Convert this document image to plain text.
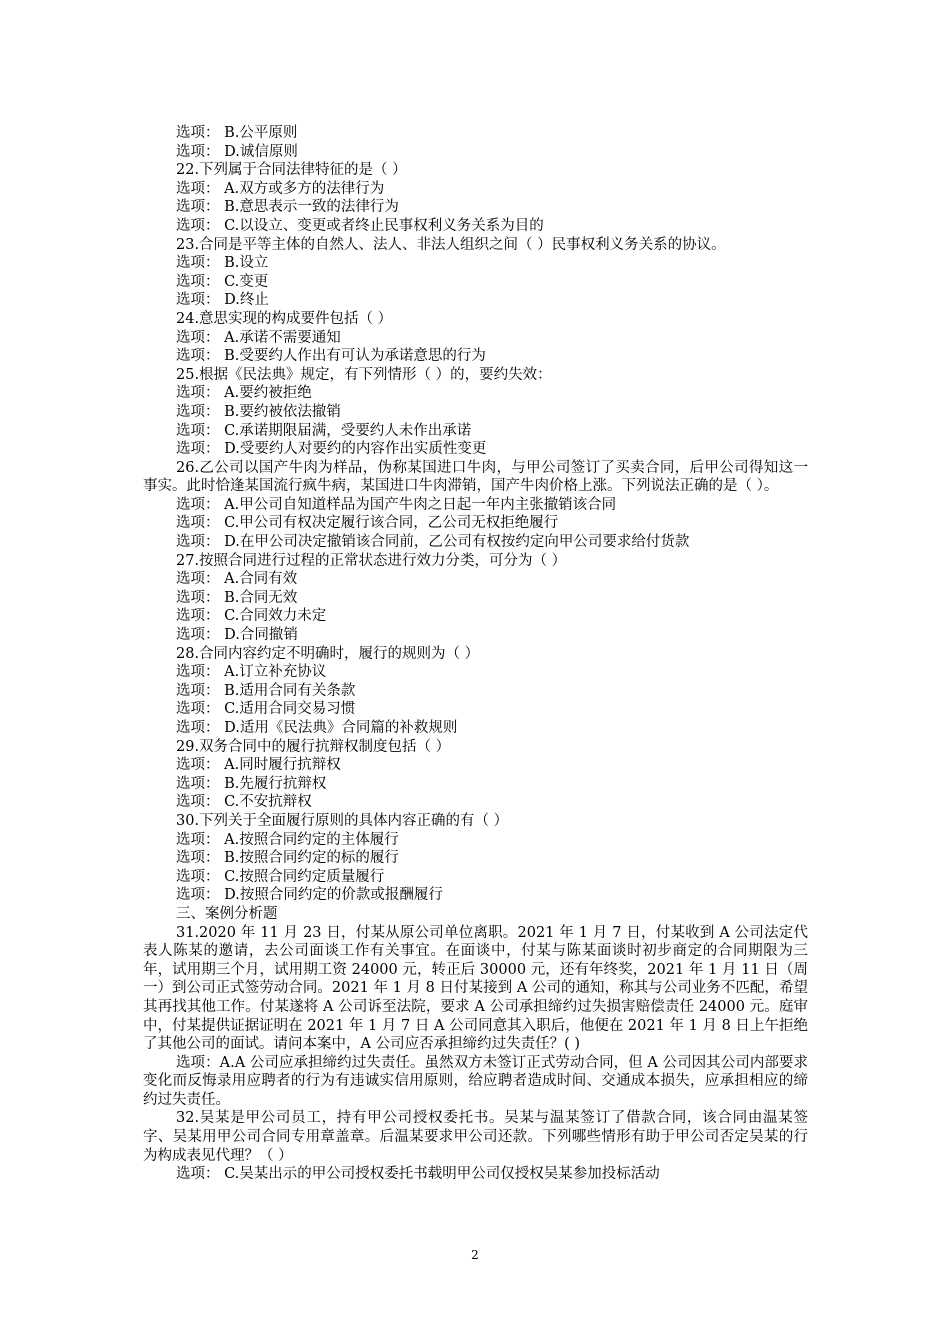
选项： B.公平原则
选项： D.诚信原则
22.下列属于合同法律特征的是（ ）
选项： A.双方或多方的法律行为
选项： B.意思表示一致的法律行为
选项： C.以设立、变更或者终止民事权利义务关系为目的
23.合同是平等主体的自然人、法人、非法人组织之间（ ）民事权利义务关系的协议。
选项： B.设立
选项： C.变更
选项： D.终止
24.意思实现的构成要件包括（ ）
选项： A.承诺不需要通知
选项： B.受要约人作出有可认为承诺意思的行为
25.根据《民法典》规定，有下列情形（ ）的，要约失效：
选项： A.要约被拒绝
选项： B.要约被依法撤销
选项： C.承诺期限届满，受要约人未作出承诺
选项： D.受要约人对要约的内容作出实质性变更
26.乙公司以国产牛肉为样品，伪称某国进口牛肉，与甲公司签订了买卖合同，后甲公司得知这一事实。此时恰逢某国流行疯牛病，某国进口牛肉滞销，国产牛肉价格上涨。下列说法正确的是（ ）。
选项： A.甲公司自知道样品为国产牛肉之日起一年内主张撤销该合同
选项： C.甲公司有权决定履行该合同，乙公司无权拒绝履行
选项： D.在甲公司决定撤销该合同前，乙公司有权按约定向甲公司要求给付货款
27.按照合同进行过程的正常状态进行效力分类，可分为（ ）
选项： A.合同有效
选项： B.合同无效
选项： C.合同效力未定
选项： D.合同撤销
28.合同内容约定不明确时，履行的规则为（ ）
选项： A.订立补充协议
选项： B.适用合同有关条款
选项： C.适用合同交易习惯
选项： D.适用《民法典》合同篇的补救规则
29.双务合同中的履行抗辩权制度包括（ ）
选项： A.同时履行抗辩权
选项： B.先履行抗辩权
选项： C.不安抗辩权
30.下列关于全面履行原则的具体内容正确的有（ ）
选项： A.按照合同约定的主体履行
选项： B.按照合同约定的标的履行
选项： C.按照合同约定质量履行
选项： D.按照合同约定的价款或报酬履行
三、案例分析题
31.2020 年 11 月 23 日，付某从原公司单位离职。2021 年 1 月 7 日，付某收到 A 公司法定代表人陈某的邀请，去公司面谈工作有关事宜。在面谈中，付某与陈某面谈时初步商定的合同期限为三年，试用期三个月，试用期工资 24000 元，转正后 30000 元，还有年终奖，2021 年 1 月 11 日（周一）到公司正式签劳动合同。2021 年 1 月 8 日付某接到 A 公司的通知，称其与公司业务不匹配，希望其再找其他工作。付某遂将 A 公司诉至法院，要求 A 公司承担缔约过失损害赔偿责任 24000 元。庭审中，付某提供证据证明在 2021 年 1 月 7 日 A 公司同意其入职后，他便在 2021 年 1 月 8 日上午拒绝了其他公司的面试。请问本案中，A 公司应否承担缔约过失责任？( )
选项：A.A 公司应承担缔约过失责任。虽然双方未签订正式劳动合同，但 A 公司因其公司内部要求变化而反悔录用应聘者的行为有违诚实信用原则，给应聘者造成时间、交通成本损失，应承担相应的缔约过失责任。
32.吴某是甲公司员工，持有甲公司授权委托书。吴某与温某签订了借款合同，该合同由温某签字、吴某用甲公司合同专用章盖章。后温某要求甲公司还款。下列哪些情形有助于甲公司否定吴某的行为构成表见代理？（ ）
选项： C.吴某出示的甲公司授权委托书载明甲公司仅授权吴某参加投标活动
2
